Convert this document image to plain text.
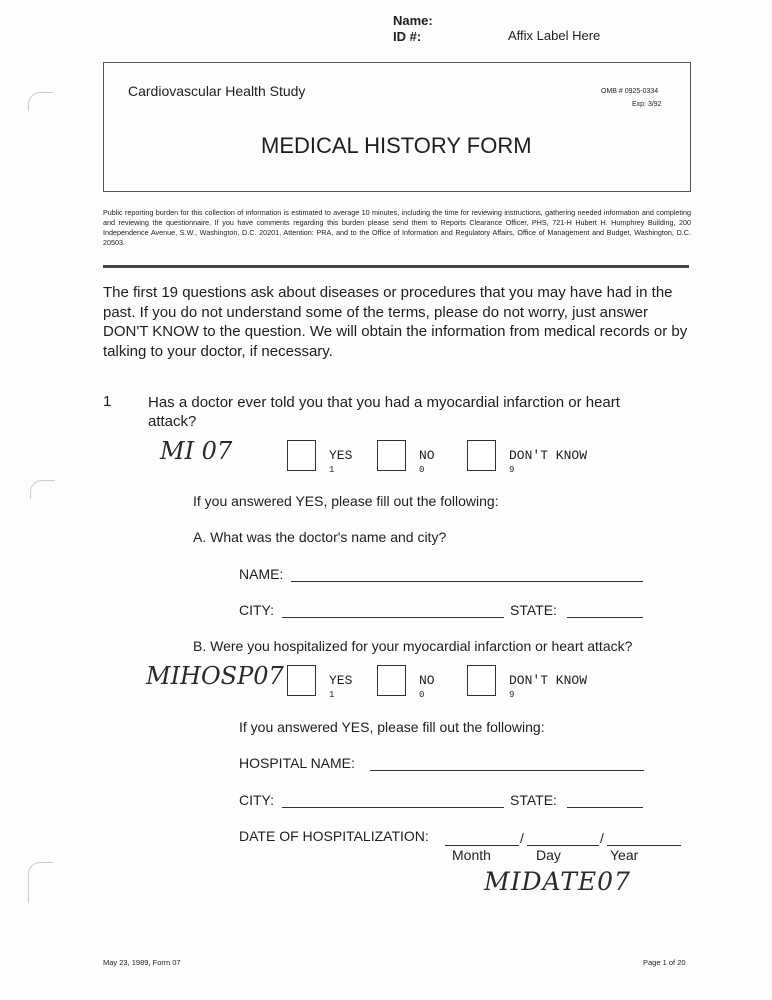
Name:
ID #:	Affix Label Here
Cardiovascular Health Study	OMB # 0925-0334
Exp: 3/92
MEDICAL HISTORY FORM
Public reporting burden for this collection of information is estimated to average 10 minutes, including the time for reviewing instructions, gathering needed information and completing and reviewing the questionnaire. If you have comments regarding this burden please send them to Reports Clearance Officer, PHS, 721-H Hubert H. Humphrey Building, 200 Independence Avenue, S.W., Washington, D.C. 20201, Attention: PRA, and to the Office of Information and Regulatory Affairs, Office of Management and Budget, Washington, D.C. 20503.
The first 19 questions ask about diseases or procedures that you may have had in the past. If you do not understand some of the terms, please do not worry, just answer DON'T KNOW to the question. We will obtain the information from medical records or by talking to your doctor, if necessary.
1 Has a doctor ever told you that you had a myocardial infarction or heart attack?
MI 07	YES
1
NO
0
DON'T KNOW
9
If you answered YES, please fill out the following:
A. What was the doctor's name and city?
NAME:
CITY:	STATE:
B. Were you hospitalized for your myocardial infarction or heart attack?
MIHOSP07	YES
1
NO
0
DON'T KNOW
9
If you answered YES, please fill out the following:
HOSPITAL NAME:
CITY:	STATE:
DATE OF HOSPITALIZATION:	/	/
Month	Day	Year
MIDATE07
May 23, 1989, Form 07	Page 1 of 20
